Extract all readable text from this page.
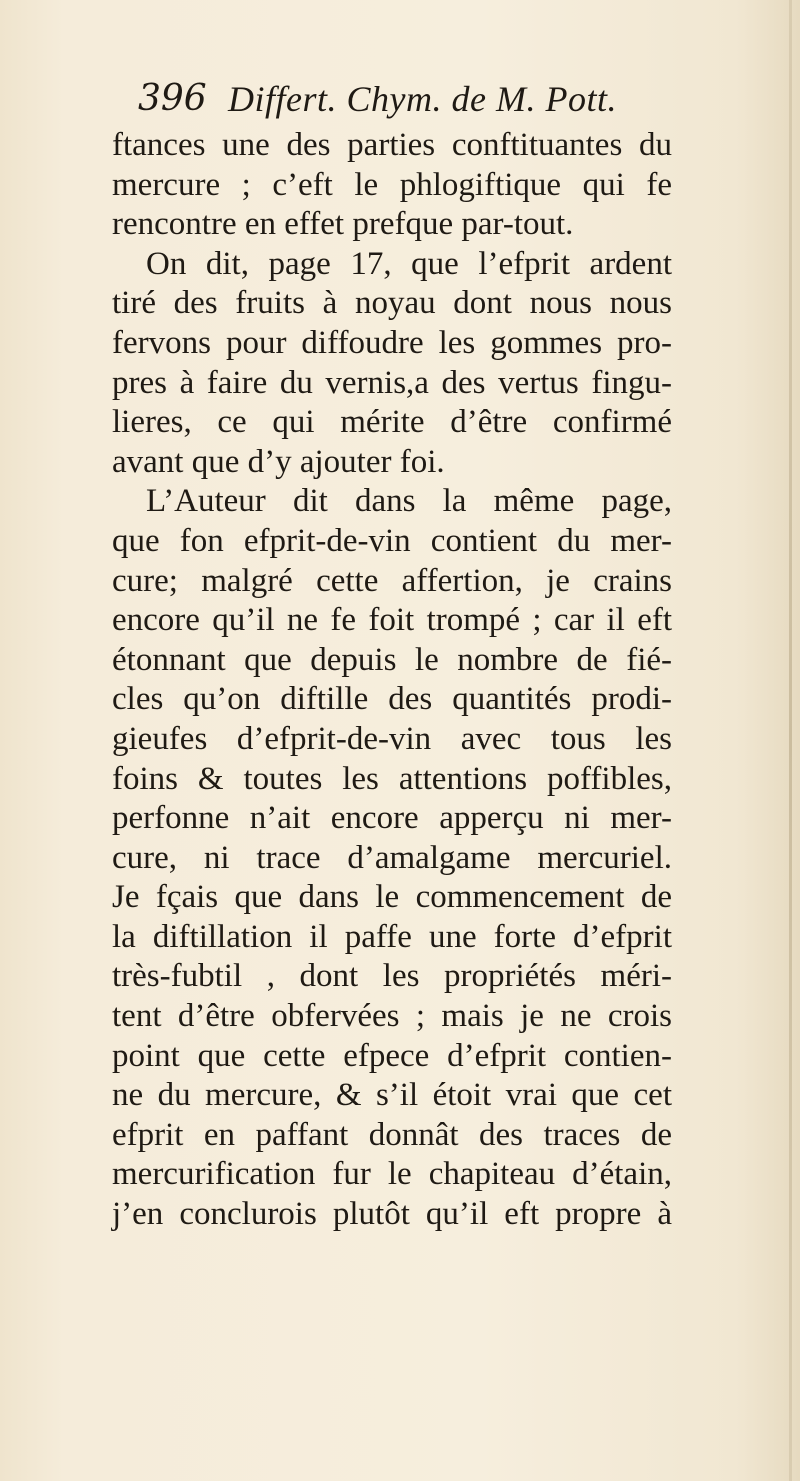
396 Differt. Chym. de M. Pott.
ftances une des parties conftituantes du
mercure ; c’eft le phlogiftique qui fe
rencontre en effet prefque par-tout.
On dit, page 17, que l’efprit ardent
tiré des fruits à noyau dont nous nous
fervons pour diffoudre les gommes pro-
pres à faire du vernis,a des vertus fingu-
lieres, ce qui mérite d’être confirmé
avant que d’y ajouter foi.
L’Auteur dit dans la même page,
que fon efprit-de-vin contient du mer-
cure; malgré cette affertion, je crains
encore qu’il ne fe foit trompé ; car il eft
étonnant que depuis le nombre de fié-
cles qu’on diftille des quantités prodi-
gieufes d’efprit-de-vin avec tous les
foins & toutes les attentions poffibles,
perfonne n’ait encore apperçu ni mer-
cure, ni trace d’amalgame mercuriel.
Je fçais que dans le commencement de
la diftillation il paffe une forte d’efprit
très-fubtil , dont les propriétés méri-
tent d’être obfervées ; mais je ne crois
point que cette efpece d’efprit contien-
ne du mercure, & s’il étoit vrai que cet
efprit en paffant donnât des traces de
mercurification fur le chapiteau d’étain,
j’en conclurois plutôt qu’il eft propre à
